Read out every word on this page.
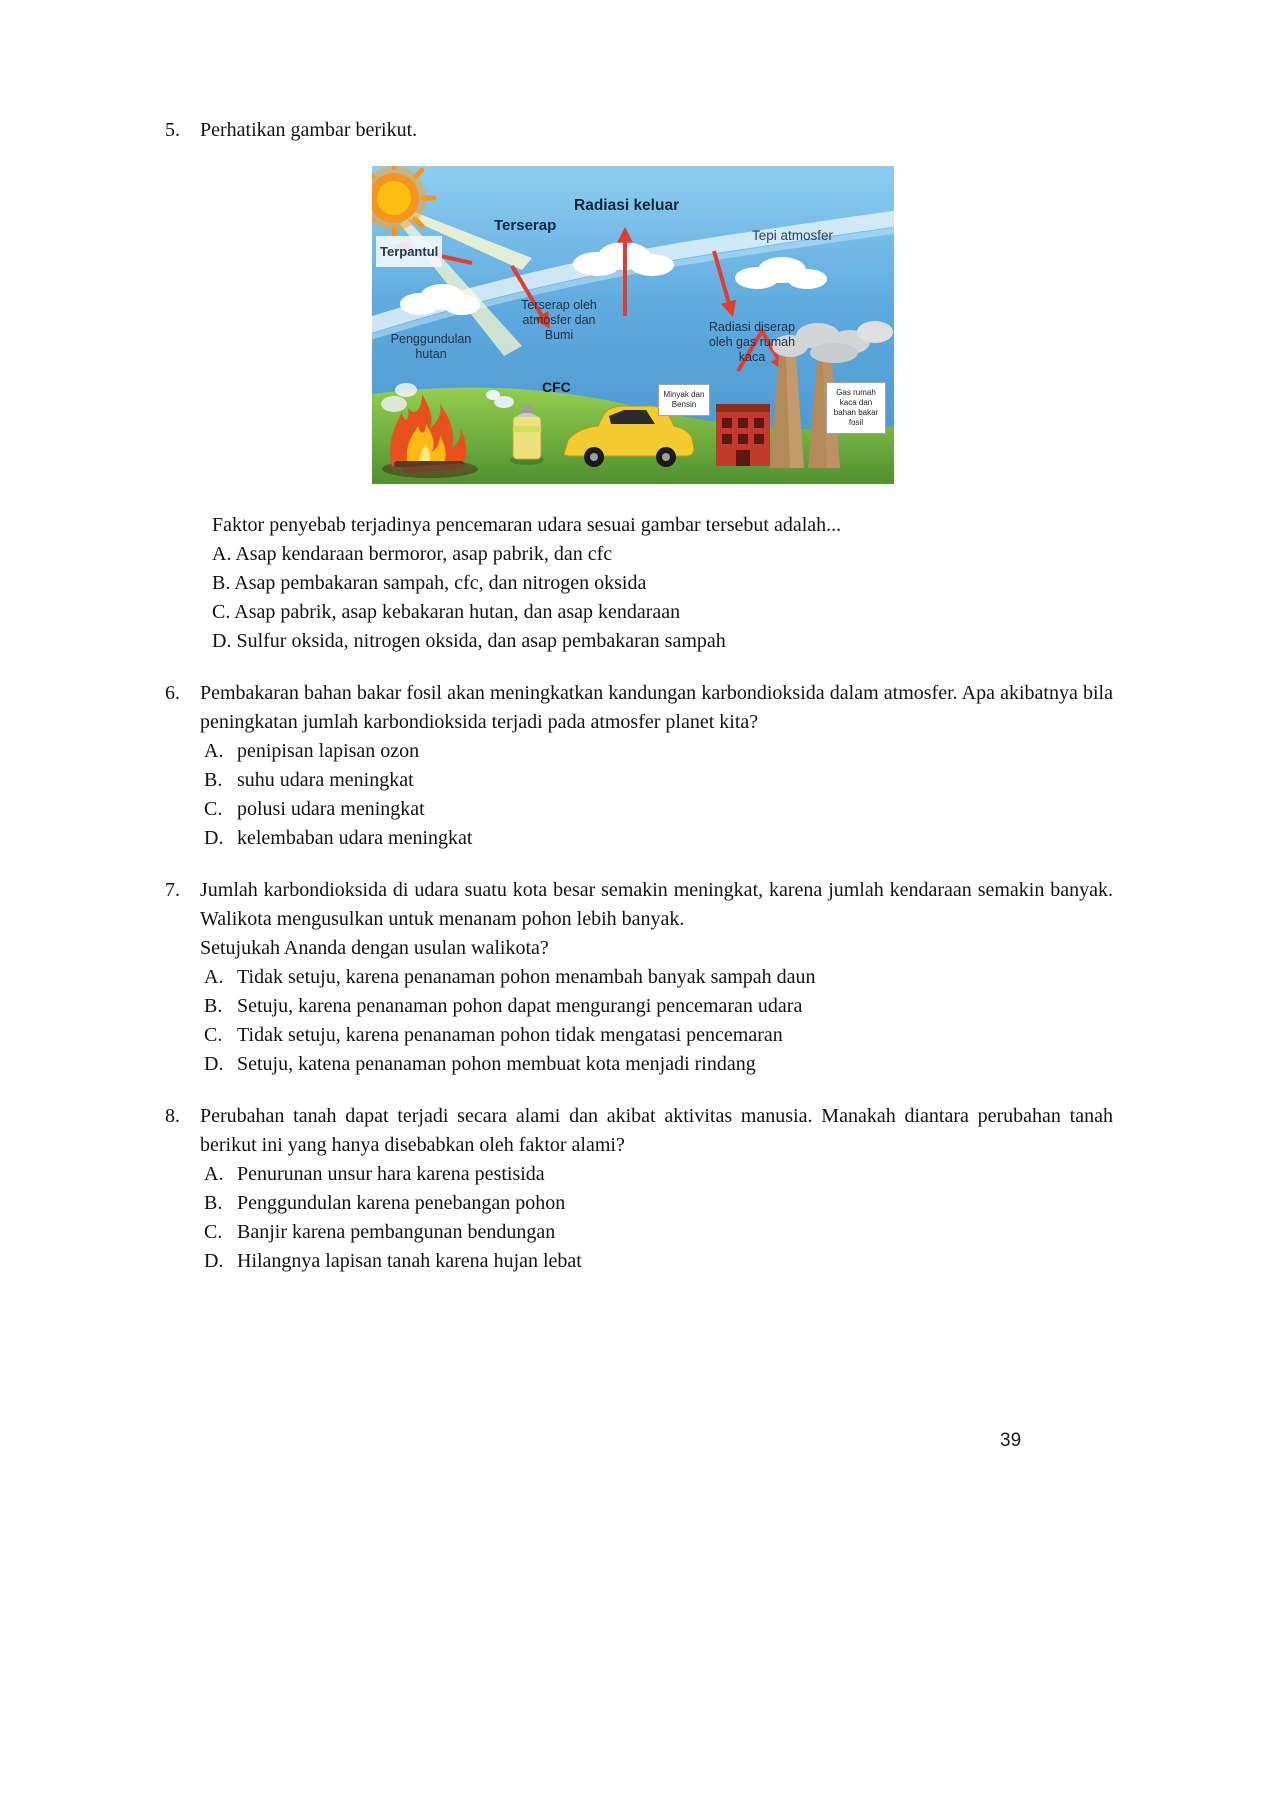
5.	Perhatikan gambar berikut.
Radiasi keluar
Terserap
Terpantul
Tepi atmosfer
Penggundulan hutan
Terserap oleh atmosfer dan Bumi
Radiasi diserap oleh gas rumah kaca
CFC	Minyak dan Bensin
Gas rumah kaca dan bahan bakar fosil
Faktor penyebab terjadinya pencemaran udara sesuai gambar tersebut adalah...
A. Asap kendaraan bermoror, asap pabrik, dan cfc
B. Asap pembakaran sampah, cfc, dan nitrogen oksida
C. Asap pabrik, asap kebakaran hutan, dan asap kendaraan
D. Sulfur oksida, nitrogen oksida, dan asap pembakaran sampah
6.	Pembakaran bahan bakar fosil akan meningkatkan kandungan karbondioksida dalam atmosfer. Apa akibatnya bila peningkatan jumlah karbondioksida terjadi pada atmosfer planet kita?
A. penipisan lapisan ozon
B. suhu udara meningkat
C. polusi udara meningkat
D. kelembaban udara meningkat
7.	Jumlah karbondioksida di udara suatu kota besar semakin meningkat, karena jumlah kendaraan semakin banyak. Walikota mengusulkan untuk menanam pohon lebih banyak.
Setujukah Ananda dengan usulan walikota?
A. Tidak setuju, karena penanaman pohon menambah banyak sampah daun
B. Setuju, karena penanaman pohon dapat mengurangi pencemaran udara
C. Tidak setuju, karena penanaman pohon tidak mengatasi pencemaran
D. Setuju, katena penanaman pohon membuat kota menjadi rindang
8.	Perubahan tanah dapat terjadi secara alami dan akibat aktivitas manusia. Manakah diantara perubahan tanah berikut ini yang hanya disebabkan oleh faktor alami?
A. Penurunan unsur hara karena pestisida
B. Penggundulan karena penebangan pohon
C. Banjir karena pembangunan bendungan
D. Hilangnya lapisan tanah karena hujan lebat
39
